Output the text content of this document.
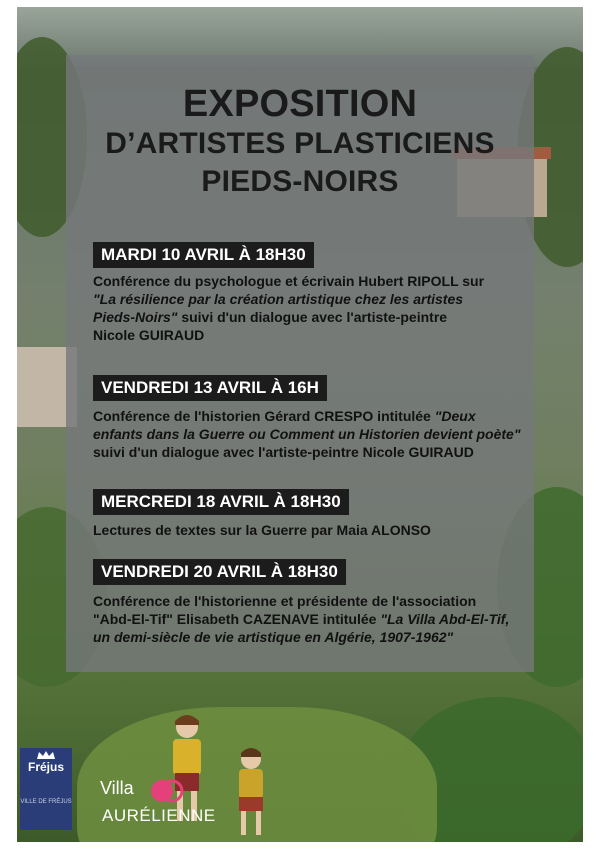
EXPOSITION
D’ARTISTES PLASTICIENS
PIEDS-NOIRS
MARDI 10 AVRIL À 18H30
Conférence du psychologue et écrivain Hubert RIPOLL sur
"La résilience par la création artistique chez les artistes
Pieds-Noirs" suivi d'un dialogue avec l'artiste-peintre
Nicole GUIRAUD
VENDREDI 13 AVRIL À 16H
Conférence de l'historien Gérard CRESPO intitulée "Deux
enfants dans la Guerre ou Comment un Historien devient poète"
suivi d'un dialogue avec l'artiste-peintre Nicole GUIRAUD
MERCREDI 18 AVRIL À 18H30
Lectures de textes sur la Guerre par Maia ALONSO
VENDREDI 20 AVRIL À 18H30
Conférence de l'historienne et présidente de l'association
"Abd-El-Tif" Elisabeth CAZENAVE intitulée "La Villa Abd-El-Tif,
un demi-siècle de vie artistique en Algérie, 1907-1962"
Fréjus
VILLE DE FRÉJUS
Villa
AURÉLIENNE
